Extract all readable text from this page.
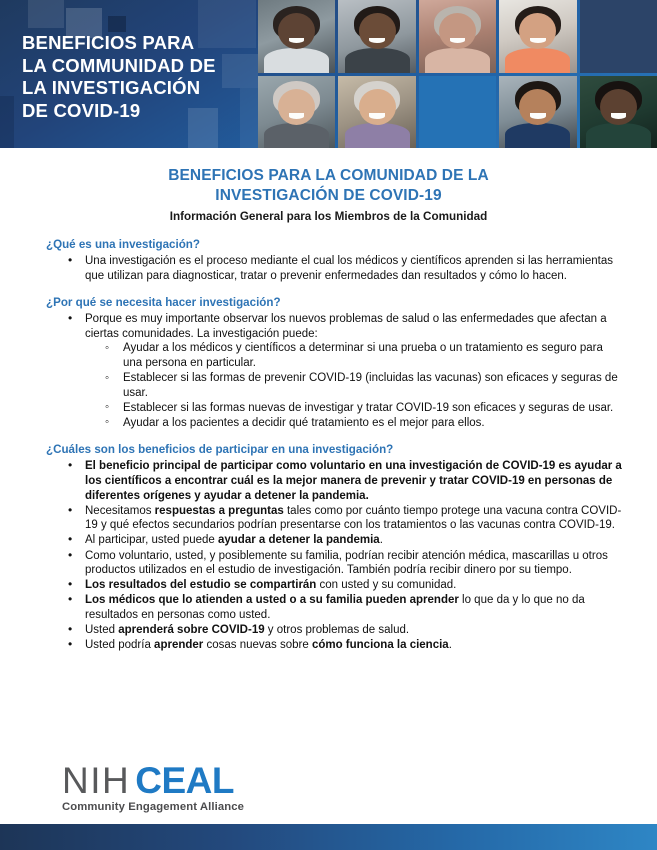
BENEFICIOS PARA
LA COMMUNIDAD DE
LA INVESTIGACIÓN
DE COVID-19
BENEFICIOS PARA LA COMUNIDAD DE LA
INVESTIGACIÓN DE COVID-19
Información General para los Miembros de la Comunidad
¿Qué es una investigación?
• Una investigación es el proceso mediante el cual los médicos y científicos aprenden si las herramientas que utilizan para diagnosticar, tratar o prevenir enfermedades dan resultados y cómo lo hacen.
¿Por qué se necesita hacer investigación?
• Porque es muy importante observar los nuevos problemas de salud o las enfermedades que afectan a ciertas comunidades. La investigación puede:
◦ Ayudar a los médicos y científicos a determinar si una prueba o un tratamiento es seguro para una persona en particular.
◦ Establecer si las formas de prevenir COVID-19 (incluidas las vacunas) son eficaces y seguras de usar.
◦ Establecer si las formas nuevas de investigar y tratar COVID-19 son eficaces y seguras de usar.
◦ Ayudar a los pacientes a decidir qué tratamiento es el mejor para ellos.
¿Cuáles son los beneficios de participar en una investigación?
• El beneficio principal de participar como voluntario en una investigación de COVID-19 es ayudar a los científicos a encontrar cuál es la mejor manera de prevenir y tratar COVID-19 en personas de diferentes orígenes y ayudar a detener la pandemia.
• Necesitamos respuestas a preguntas tales como por cuánto tiempo protege una vacuna contra COVID-19 y qué efectos secundarios podrían presentarse con los tratamientos o las vacunas contra COVID-19.
• Al participar, usted puede ayudar a detener la pandemia.
• Como voluntario, usted, y posiblemente su familia, podrían recibir atención médica, mascarillas u otros productos utilizados en el estudio de investigación. También podría recibir dinero por su tiempo.
• Los resultados del estudio se compartirán con usted y su comunidad.
• Los médicos que lo atienden a usted o a su familia pueden aprender lo que da y lo que no da resultados en personas como usted.
• Usted aprenderá sobre COVID-19 y otros problemas de salud.
• Usted podría aprender cosas nuevas sobre cómo funciona la ciencia.
NIH CEAL
Community Engagement Alliance
